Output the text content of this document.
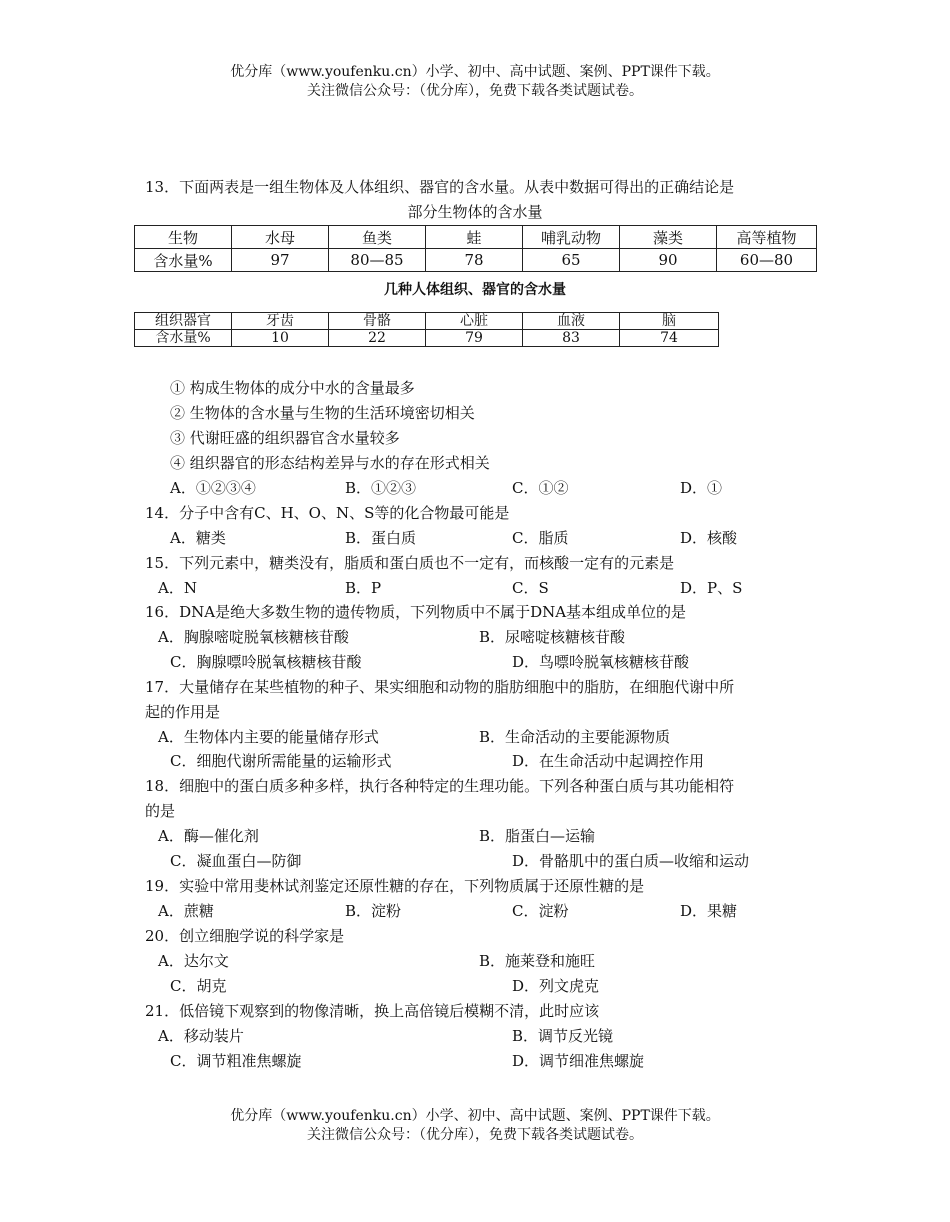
优分库（www.youfenku.cn）小学、初中、高中试题、案例、PPT课件下载。
关注微信公众号：（优分库），免费下载各类试题试卷。
13．下面两表是一组生物体及人体组织、器官的含水量。从表中数据可得出的正确结论是
部分生物体的含水量
生物	水母	鱼类	蛙	哺乳动物	藻类	高等植物
含水量%	97	80—85	78	65	90	60—80
几种人体组织、器官的含水量
组织器官	牙齿	骨骼	心脏	血液	脑
含水量%	10	22	79	83	74
① 构成生物体的成分中水的含量最多
② 生物体的含水量与生物的生活环境密切相关
③ 代谢旺盛的组织器官含水量较多
④ 组织器官的形态结构差异与水的存在形式相关
A．①②③④	B．①②③	C．①②	D．①
14．分子中含有C、H、O、N、S等的化合物最可能是
A．糖类	B．蛋白质	C．脂质	D．核酸
15．下列元素中，糖类没有，脂质和蛋白质也不一定有，而核酸一定有的元素是
A．N	B．P	C．S	D．P、S
16．DNA是绝大多数生物的遗传物质，下列物质中不属于DNA基本组成单位的是
A．胸腺嘧啶脱氧核糖核苷酸	B．尿嘧啶核糖核苷酸
C．胸腺嘌呤脱氧核糖核苷酸	D．鸟嘌呤脱氧核糖核苷酸
17．大量储存在某些植物的种子、果实细胞和动物的脂肪细胞中的脂肪，在细胞代谢中所
起的作用是
A．生物体内主要的能量储存形式	B．生命活动的主要能源物质
C．细胞代谢所需能量的运输形式	D．在生命活动中起调控作用
18．细胞中的蛋白质多种多样，执行各种特定的生理功能。下列各种蛋白质与其功能相符
的是
A．酶—催化剂	B．脂蛋白—运输
C．凝血蛋白—防御	D．骨骼肌中的蛋白质—收缩和运动
19．实验中常用斐林试剂鉴定还原性糖的存在，下列物质属于还原性糖的是
A．蔗糖	B．淀粉	C．淀粉	D．果糖
20．创立细胞学说的科学家是
A．达尔文	B．施莱登和施旺
C．胡克	D．列文虎克
21．低倍镜下观察到的物像清晰，换上高倍镜后模糊不清，此时应该
A．移动装片	B．调节反光镜
C．调节粗准焦螺旋	D．调节细准焦螺旋
优分库（www.youfenku.cn）小学、初中、高中试题、案例、PPT课件下载。
关注微信公众号：（优分库），免费下载各类试题试卷。
